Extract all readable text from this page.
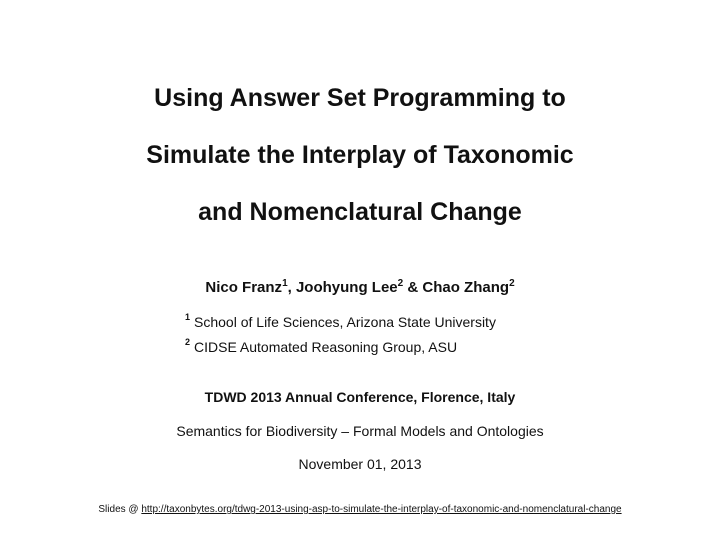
Using Answer Set Programming to
Simulate the Interplay of Taxonomic
and Nomenclatural Change
Nico Franz$^1$, Joohyung Lee$^2$ & Chao Zhang$^2$
$^1$ School of Life Sciences, Arizona State University
$^2$ CIDSE Automated Reasoning Group, ASU
TDWD 2013 Annual Conference, Florence, Italy
Semantics for Biodiversity – Formal Models and Ontologies
November 01, 2013
Slides @ http://taxonbytes.org/tdwg-2013-using-asp-to-simulate-the-interplay-of-taxonomic-and-nomenclatural-change
